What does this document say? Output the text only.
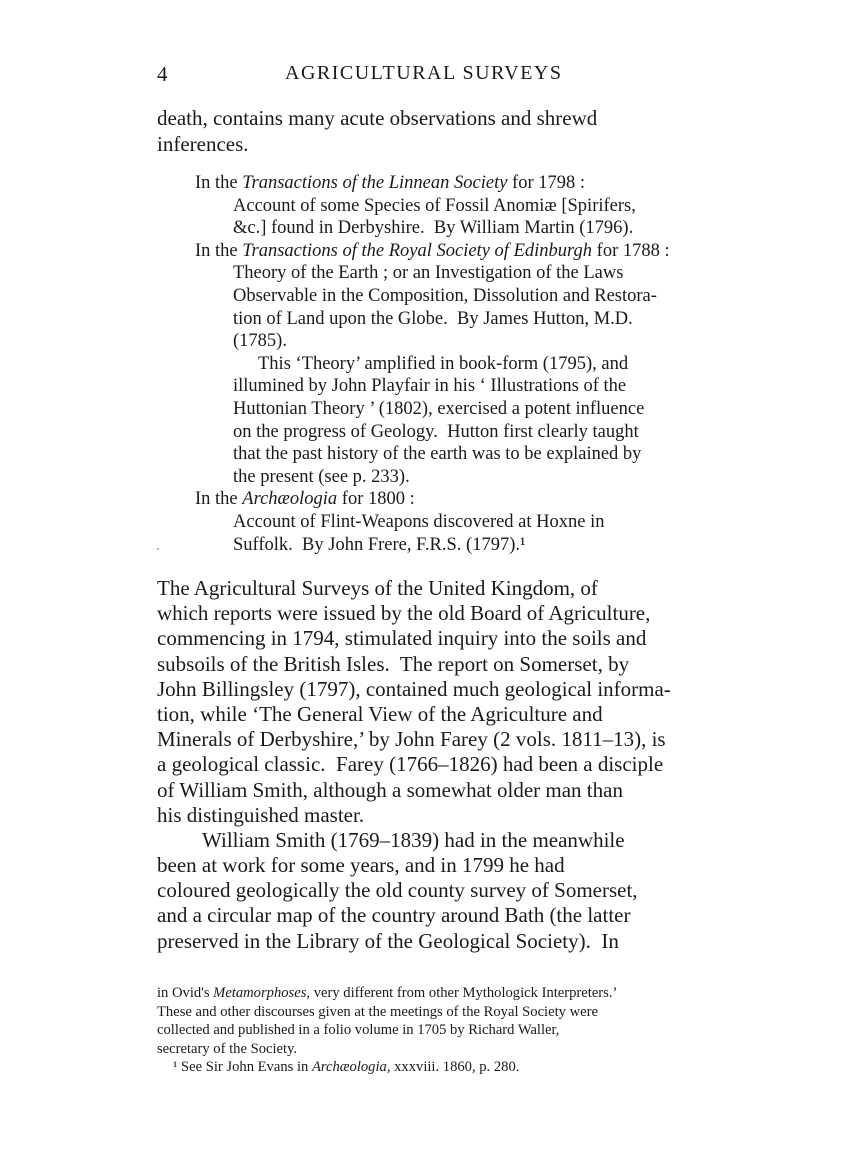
4	AGRICULTURAL SURVEYS
death, contains many acute observations and shrewd
inferences.
In the Transactions of the Linnean Society for 1798 :
Account of some Species of Fossil Anomiæ [Spirifers,
&c.] found in Derbyshire.  By William Martin (1796).
In the Transactions of the Royal Society of Edinburgh for 1788 :
Theory of the Earth ; or an Investigation of the Laws
Observable in the Composition, Dissolution and Restora-
tion of Land upon the Globe.  By James Hutton, M.D.
(1785).
This ‘Theory’ amplified in book-form (1795), and
illumined by John Playfair in his ‘ Illustrations of the
Huttonian Theory ’ (1802), exercised a potent influence
on the progress of Geology.  Hutton first clearly taught
that the past history of the earth was to be explained by
the present (see p. 233).
In the Archæologia for 1800 :
Account of Flint-Weapons discovered at Hoxne in
Suffolk.  By John Frere, F.R.S. (1797).¹
The Agricultural Surveys of the United Kingdom, of
which reports were issued by the old Board of Agriculture,
commencing in 1794, stimulated inquiry into the soils and
subsoils of the British Isles.  The report on Somerset, by
John Billingsley (1797), contained much geological informa-
tion, while ‘The General View of the Agriculture and
Minerals of Derbyshire,’ by John Farey (2 vols. 1811–13), is
a geological classic.  Farey (1766–1826) had been a disciple
of William Smith, although a somewhat older man than
his distinguished master.
William Smith (1769–1839) had in the meanwhile
been at work for some years, and in 1799 he had
coloured geologically the old county survey of Somerset,
and a circular map of the country around Bath (the latter
preserved in the Library of the Geological Society).  In
in Ovid's Metamorphoses, very different from other Mythologick Interpreters.’
These and other discourses given at the meetings of the Royal Society were
collected and published in a folio volume in 1705 by Richard Waller,
secretary of the Society.
¹ See Sir John Evans in Archæologia, xxxviii. 1860, p. 280.
